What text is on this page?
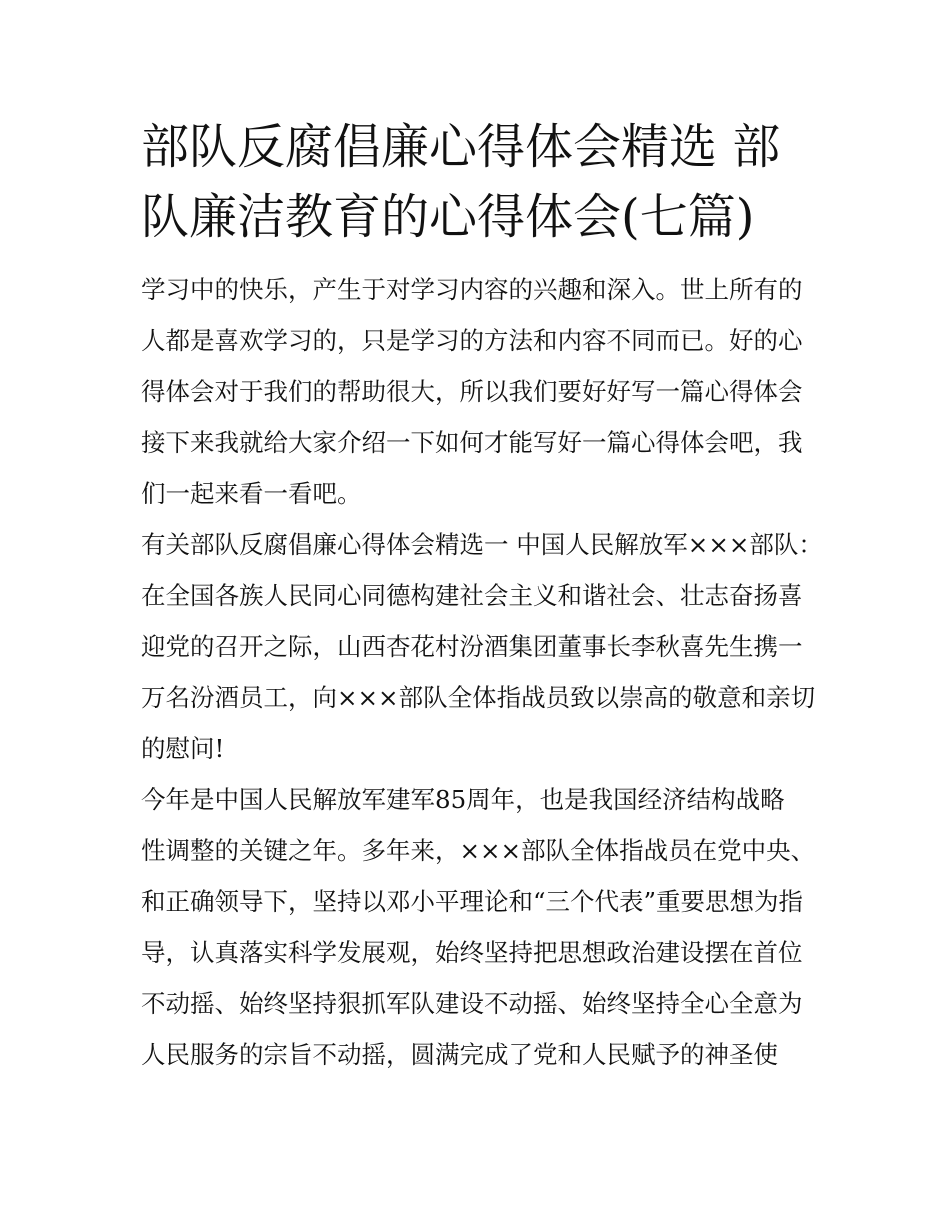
部队反腐倡廉心得体会精选 部

队廉洁教育的心得体会(七篇)

学习中的快乐，产生于对学习内容的兴趣和深入。世上所有的

人都是喜欢学习的，只是学习的方法和内容不同而已。好的心

得体会对于我们的帮助很大，所以我们要好好写一篇心得体会

接下来我就给大家介绍一下如何才能写好一篇心得体会吧，我

们一起来看一看吧。

有关部队反腐倡廉心得体会精选一 中国人民解放军×××部队：

在全国各族人民同心同德构建社会主义和谐社会、壮志奋扬喜

迎党的召开之际，山西杏花村汾酒集团董事长李秋喜先生携一

万名汾酒员工，向×××部队全体指战员致以崇高的敬意和亲切

的慰问!

今年是中国人民解放军建军85周年，也是我国经济结构战略

性调整的关键之年。多年来，×××部队全体指战员在党中央、

和正确领导下，坚持以邓小平理论和“三个代表”重要思想为指

导，认真落实科学发展观，始终坚持把思想政治建设摆在首位

不动摇、始终坚持狠抓军队建设不动摇、始终坚持全心全意为

人民服务的宗旨不动摇，圆满完成了党和人民赋予的神圣使
